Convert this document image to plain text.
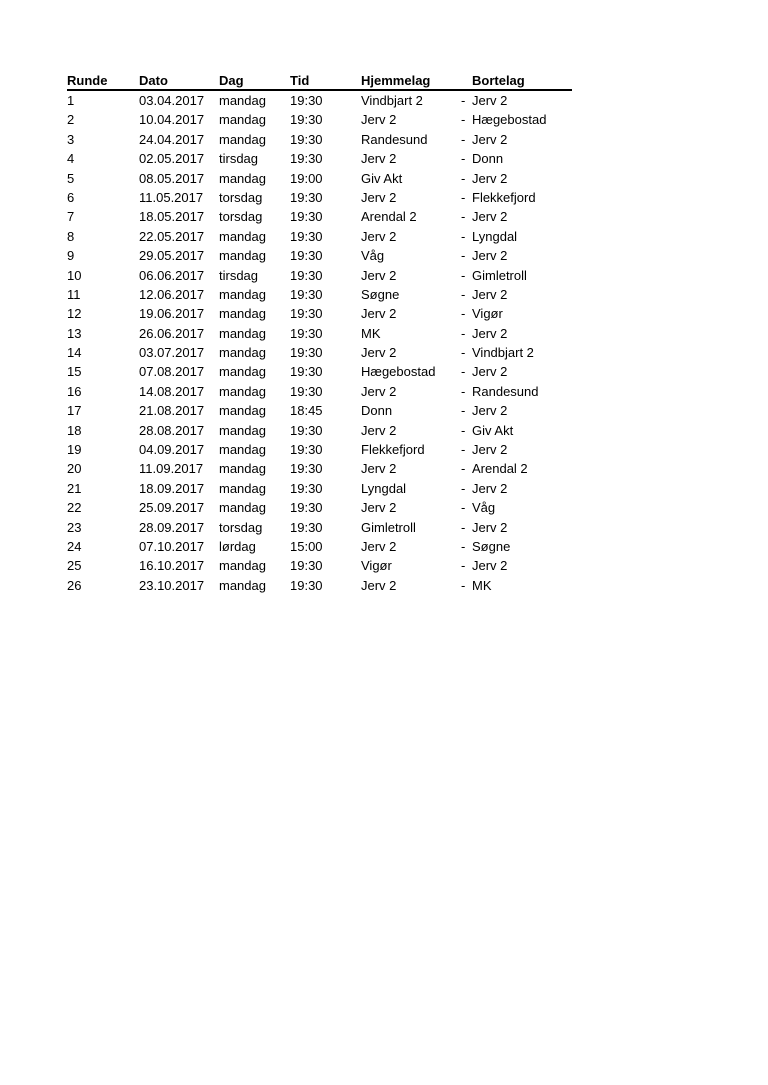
Runde Dato	Dag	Tid	Hjemmelag	Bortelag
1	03.04.2017 mandag 19:30	Vindbjart 2	- Jerv 2
2	10.04.2017 mandag 19:30	Jerv 2	- Hægebostad
3	24.04.2017 mandag 19:30	Randesund	- Jerv 2
4	02.05.2017 tirsdag 19:30	Jerv 2	- Donn
5	08.05.2017 mandag 19:00	Giv Akt	- Jerv 2
6	11.05.2017 torsdag 19:30	Jerv 2	- Flekkefjord
7	18.05.2017 torsdag 19:30	Arendal 2	- Jerv 2
8	22.05.2017 mandag 19:30	Jerv 2	- Lyngdal
9	29.05.2017 mandag 19:30	Våg	- Jerv 2
10	06.06.2017 tirsdag 19:30	Jerv 2	- Gimletroll
11	12.06.2017 mandag 19:30	Søgne	- Jerv 2
12	19.06.2017 mandag 19:30	Jerv 2	- Vigør
13	26.06.2017 mandag 19:30	MK	- Jerv 2
14	03.07.2017 mandag 19:30	Jerv 2	- Vindbjart 2
15	07.08.2017 mandag 19:30	Hægebostad - Jerv 2
16	14.08.2017 mandag 19:30	Jerv 2	- Randesund
17	21.08.2017 mandag 18:45	Donn	- Jerv 2
18	28.08.2017 mandag 19:30	Jerv 2	- Giv Akt
19	04.09.2017 mandag 19:30	Flekkefjord	- Jerv 2
20	11.09.2017 mandag 19:30	Jerv 2	- Arendal 2
21	18.09.2017 mandag 19:30	Lyngdal	- Jerv 2
22	25.09.2017 mandag 19:30	Jerv 2	- Våg
23	28.09.2017 torsdag 19:30	Gimletroll	- Jerv 2
24	07.10.2017 lørdag	15:00	Jerv 2	- Søgne
25	16.10.2017 mandag 19:30	Vigør	- Jerv 2
26	23.10.2017 mandag 19:30	Jerv 2	- MK
